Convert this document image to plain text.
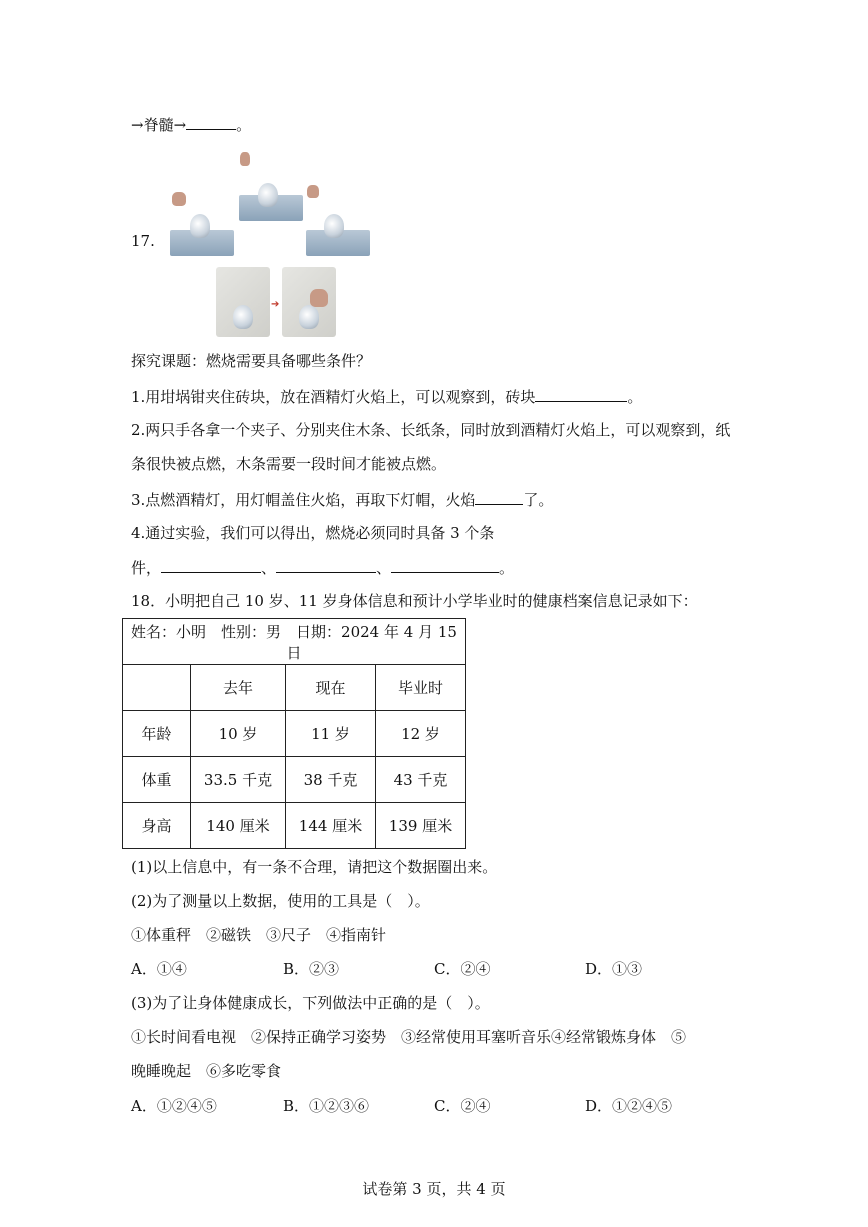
→脊髓→	。
17.
➔
探究课题：燃烧需要具备哪些条件？
1.用坩埚钳夹住砖块，放在酒精灯火焰上，可以观察到，砖块	。
2.两只手各拿一个夹子、分别夹住木条、长纸条，同时放到酒精灯火焰上，可以观察到，纸
条很快被点燃，木条需要一段时间才能被点燃。
3.点燃酒精灯，用灯帽盖住火焰，再取下灯帽，火焰	了。
4.通过实验，我们可以得出，燃烧必须同时具备 3 个条
件，	、	、	。
18．小明把自己 10 岁、11 岁身体信息和预计小学毕业时的健康档案信息记录如下：
姓名：小明　性别：男　日期：2024 年 4 月 15 日			
	去年	现在	毕业时
年龄	10 岁	11 岁	12 岁
体重	33.5 千克	38 千克	43 千克
身高	140 厘米	144 厘米	139 厘米
(1)以上信息中，有一条不合理，请把这个数据圈出来。
(2)为了测量以上数据，使用的工具是（　）。
①体重秤　②磁铁　③尺子　④指南针
A．①④	B．②③	C．②④	D．①③
(3)为了让身体健康成长，下列做法中正确的是（　）。
①长时间看电视　②保持正确学习姿势　③经常使用耳塞听音乐④经常锻炼身体　⑤
晚睡晚起　⑥多吃零食
A．①②④⑤	B．①②③⑥	C．②④	D．①②④⑤
试卷第 3 页，共 4 页
